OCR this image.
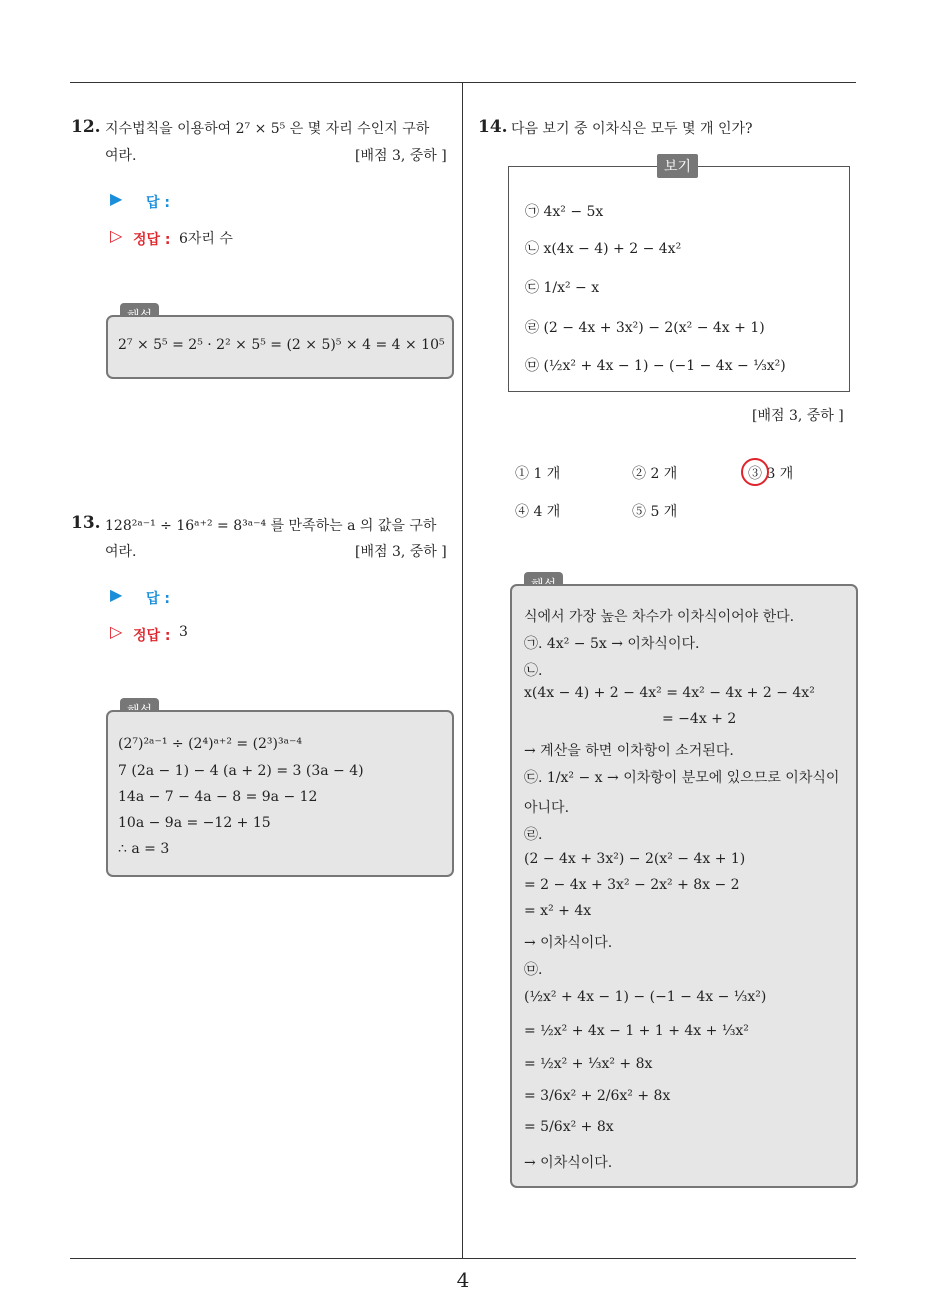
4
12. 지수법칙을 이용하여 2⁷ × 5⁵ 은 몇 자리 수인지 구하
여라.	[배점 3, 중하 ]
▶ 답 :
▷ 정답 : 6자리 수
2⁷ × 5⁵ = 2⁵ · 2² × 5⁵ = (2 × 5)⁵ × 4 = 4 × 10⁵
13. 128²ᵃ⁻¹ ÷ 16ᵃ⁺² = 8³ᵃ⁻⁴ 를 만족하는 a 의 값을 구하
여라.	[배점 3, 중하 ]
▶ 답 :
▷ 정답 : 3
(2⁷)²ᵃ⁻¹ ÷ (2⁴)ᵃ⁺² = (2³)³ᵃ⁻⁴
7 (2a − 1) − 4 (a + 2) = 3 (3a − 4)
14a − 7 − 4a − 8 = 9a − 12
10a − 9a = −12 + 15
∴ a = 3
14. 다음 보기 중 이차식은 모두 몇 개 인가?
㉠ 4x² − 5x
㉡ x(4x − 4) + 2 − 4x²
㉢ 1/x² − x
㉣ (2 − 4x + 3x²) − 2(x² − 4x + 1)
㉤ (½x² + 4x − 1) − (−1 − 4x − ⅓x²)
보기
[배점 3, 중하 ]
① 1 개	② 2 개	③ 3 개
④ 4 개	⑤ 5 개
식에서 가장 높은 차수가 이차식이어야 한다.
㉠. 4x² − 5x → 이차식이다.
㉡.
x(4x − 4) + 2 − 4x² = 4x² − 4x + 2 − 4x²
= −4x + 2
→ 계산을 하면 이차항이 소거된다.
㉢. 1/x² − x → 이차항이 분모에 있으므로 이차식이
아니다.
㉣.
(2 − 4x + 3x²) − 2(x² − 4x + 1)
= 2 − 4x + 3x² − 2x² + 8x − 2
= x² + 4x
→ 이차식이다.
㉤.
(½x² + 4x − 1) − (−1 − 4x − ⅓x²)
= ½x² + 4x − 1 + 1 + 4x + ⅓x²
= ½x² + ⅓x² + 8x
= 3/6x² + 2/6x² + 8x
= 5/6x² + 8x
→ 이차식이다.
